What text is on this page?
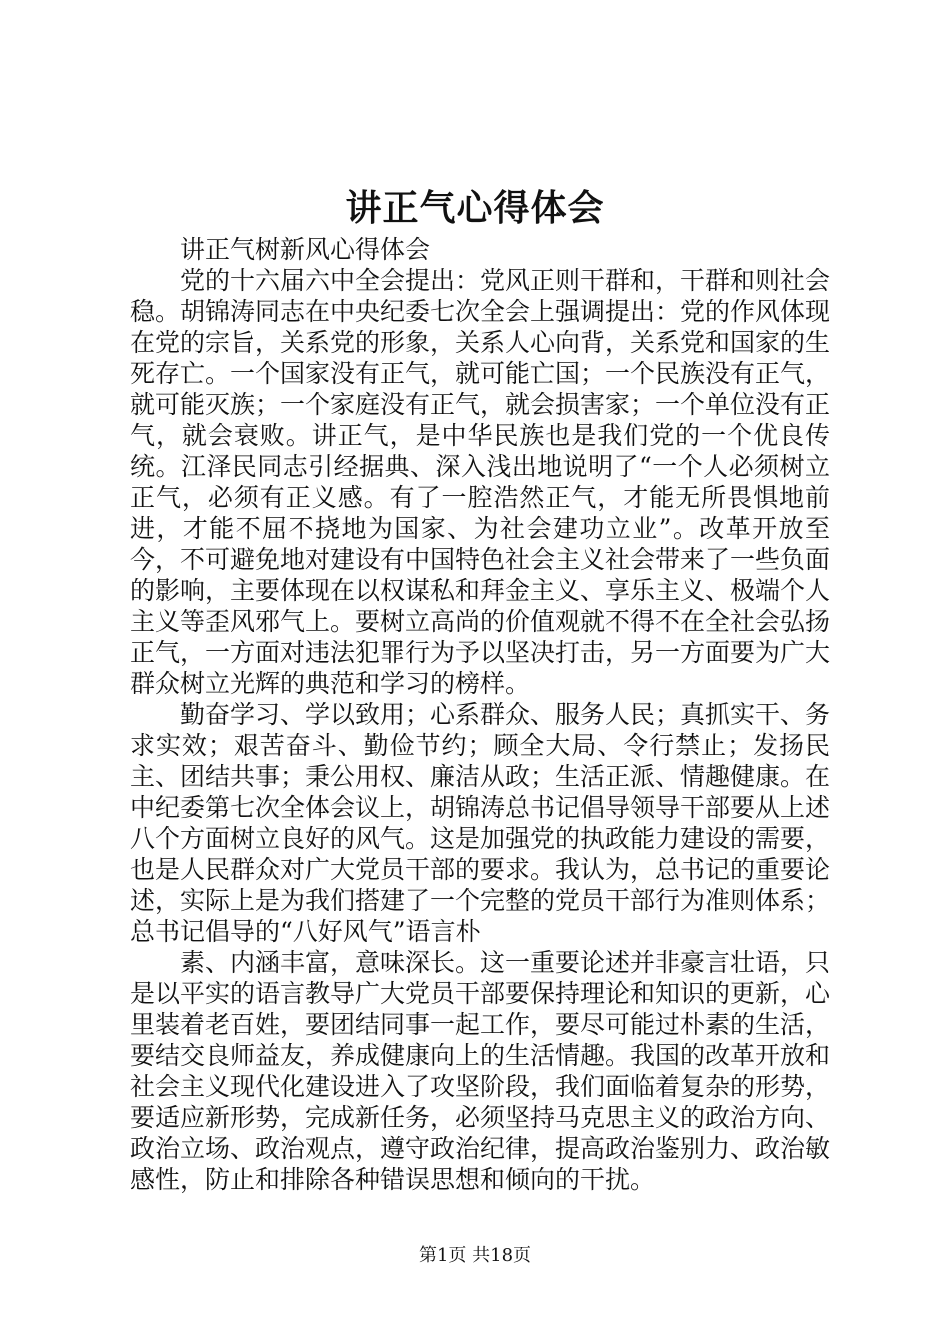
讲正气心得体会

讲正气树新风心得体会

党的十六届六中全会提出：党风正则干群和，干群和则社会稳。胡锦涛同志在中央纪委七次全会上强调提出：党的作风体现在党的宗旨，关系党的形象，关系人心向背，关系党和国家的生死存亡。一个国家没有正气，就可能亡国；一个民族没有正气，就可能灭族；一个家庭没有正气，就会损害家；一个单位没有正气，就会衰败。讲正气，是中华民族也是我们党的一个优良传统。江泽民同志引经据典、深入浅出地说明了“一个人必须树立正气，必须有正义感。有了一腔浩然正气，才能无所畏惧地前进，才能不屈不挠地为国家、为社会建功立业”。改革开放至今，不可避免地对建设有中国特色社会主义社会带来了一些负面的影响，主要体现在以权谋私和拜金主义、享乐主义、极端个人主义等歪风邪气上。要树立高尚的价值观就不得不在全社会弘扬正气，一方面对违法犯罪行为予以坚决打击，另一方面要为广大群众树立光辉的典范和学习的榜样。

勤奋学习、学以致用；心系群众、服务人民；真抓实干、务求实效；艰苦奋斗、勤俭节约；顾全大局、令行禁止；发扬民主、团结共事；秉公用权、廉洁从政；生活正派、情趣健康。在中纪委第七次全体会议上，胡锦涛总书记倡导领导干部要从上述八个方面树立良好的风气。这是加强党的执政能力建设的需要，也是人民群众对广大党员干部的要求。我认为，总书记的重要论述，实际上是为我们搭建了一个完整的党员干部行为准则体系；总书记倡导的“八好风气”语言朴

素、内涵丰富，意味深长。这一重要论述并非豪言壮语，只是以平实的语言教导广大党员干部要保持理论和知识的更新，心里装着老百姓，要团结同事一起工作，要尽可能过朴素的生活，要结交良师益友，养成健康向上的生活情趣。我国的改革开放和社会主义现代化建设进入了攻坚阶段，我们面临着复杂的形势，要适应新形势，完成新任务，必须坚持马克思主义的政治方向、政治立场、政治观点，遵守政治纪律，提高政治鉴别力、政治敏感性，防止和排除各种错误思想和倾向的干扰。

第1页 共18页
